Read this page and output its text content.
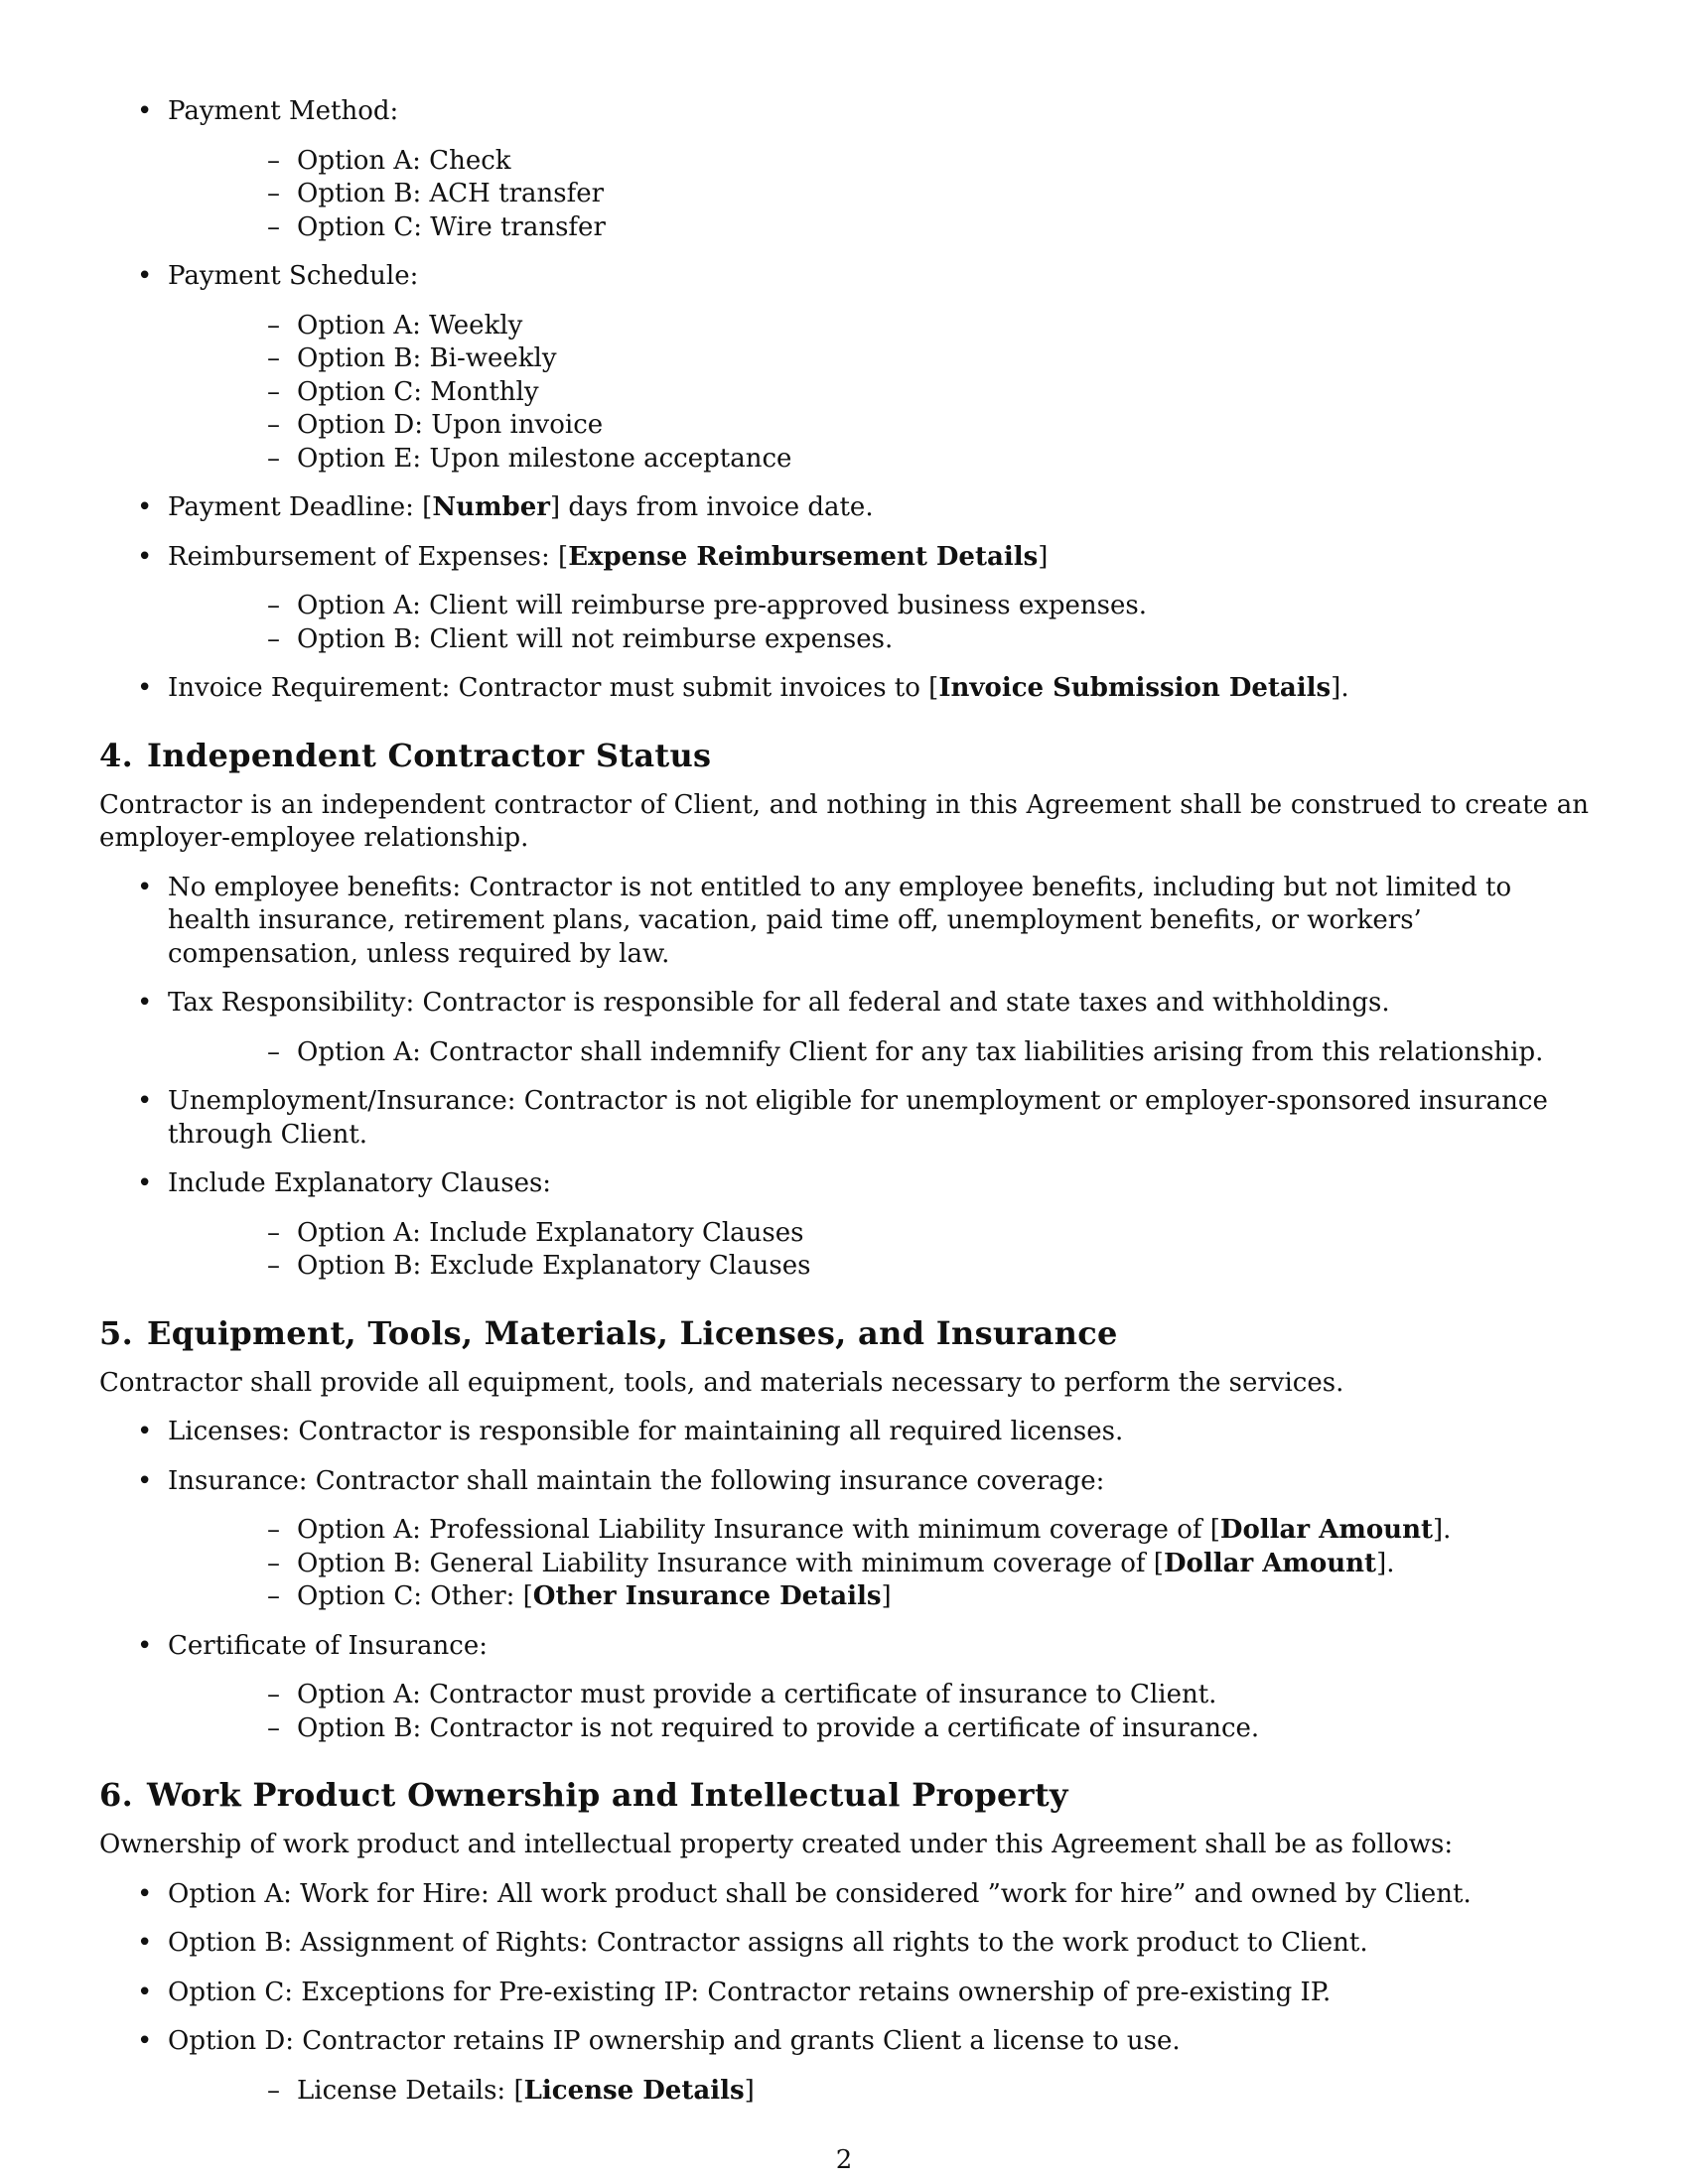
• Payment Method:
– Option A: Check
– Option B: ACH transfer
– Option C: Wire transfer
• Payment Schedule:
– Option A: Weekly
– Option B: Bi-weekly
– Option C: Monthly
– Option D: Upon invoice
– Option E: Upon milestone acceptance
• Payment Deadline: [Number] days from invoice date.
• Reimbursement of Expenses: [Expense Reimbursement Details]
– Option A: Client will reimburse pre-approved business expenses.
– Option B: Client will not reimburse expenses.
• Invoice Requirement: Contractor must submit invoices to [Invoice Submission Details].
4. Independent Contractor Status

Contractor is an independent contractor of Client, and nothing in this Agreement shall be construed to create an employer-employee relationship.

• No employee benefits: Contractor is not entitled to any employee benefits, including but not limited to health insurance, retirement plans, vacation, paid time off, unemployment benefits, or workers’ compensation, unless required by law.
• Tax Responsibility: Contractor is responsible for all federal and state taxes and withholdings.
– Option A: Contractor shall indemnify Client for any tax liabilities arising from this relationship.
• Unemployment/Insurance: Contractor is not eligible for unemployment or employer-sponsored insurance through Client.
• Include Explanatory Clauses:
– Option A: Include Explanatory Clauses
– Option B: Exclude Explanatory Clauses
5. Equipment, Tools, Materials, Licenses, and Insurance

Contractor shall provide all equipment, tools, and materials necessary to perform the services.

• Licenses: Contractor is responsible for maintaining all required licenses.
• Insurance: Contractor shall maintain the following insurance coverage:
– Option A: Professional Liability Insurance with minimum coverage of [Dollar Amount].
– Option B: General Liability Insurance with minimum coverage of [Dollar Amount].
– Option C: Other: [Other Insurance Details]
• Certificate of Insurance:
– Option A: Contractor must provide a certificate of insurance to Client.
– Option B: Contractor is not required to provide a certificate of insurance.
6. Work Product Ownership and Intellectual Property

Ownership of work product and intellectual property created under this Agreement shall be as follows:

• Option A: Work for Hire: All work product shall be considered ”work for hire” and owned by Client.
• Option B: Assignment of Rights: Contractor assigns all rights to the work product to Client.
• Option C: Exceptions for Pre-existing IP: Contractor retains ownership of pre-existing IP.
• Option D: Contractor retains IP ownership and grants Client a license to use.
– License Details: [License Details]
2
